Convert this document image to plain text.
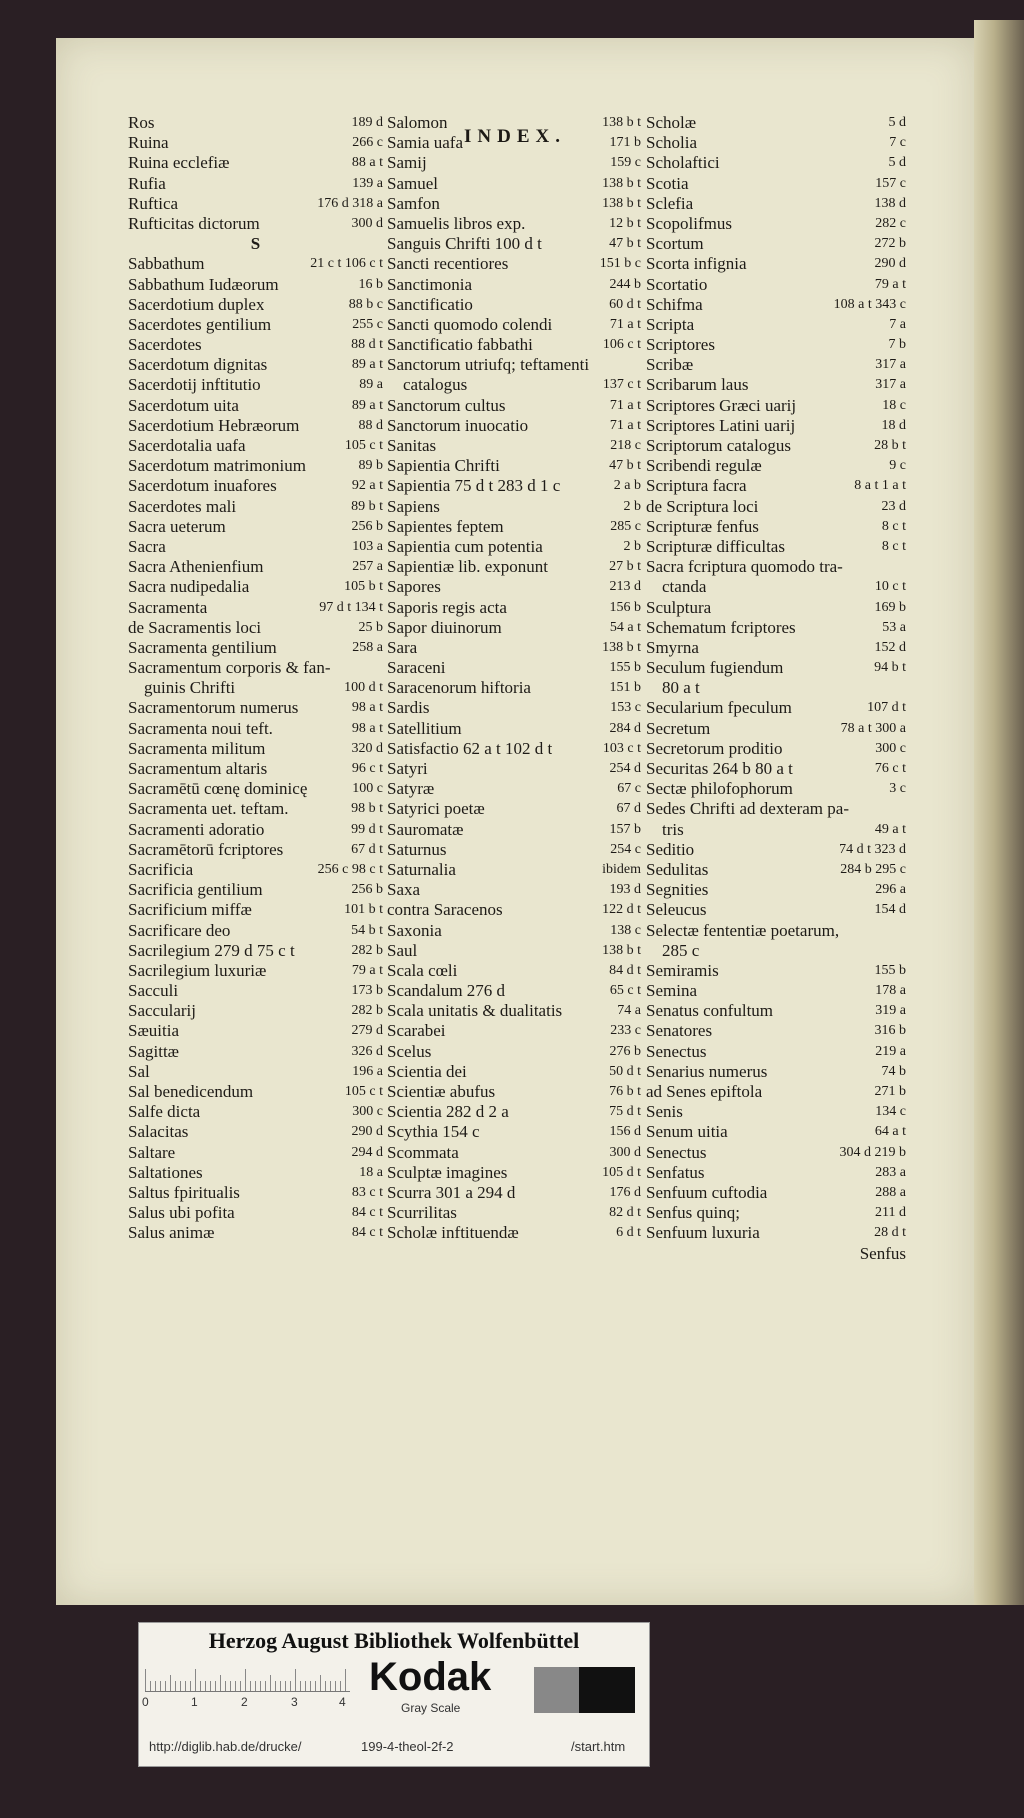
INDEX.
Ros	189 d
Ruina	266 c
Ruina ecclefiæ	88 a t
Rufia	139 a
Ruftica	176 d 318 a
Rufticitas dictorum	300 d
S
Sabbathum	21 c t 106 c t
Sabbathum Iudæorum	16 b
Sacerdotium duplex	88 b c
Sacerdotes gentilium	255 c
Sacerdotes	88 d t
Sacerdotum dignitas	89 a t
Sacerdotij inftitutio	89 a
Sacerdotum uita	89 a t
Sacerdotium Hebræorum	88 d
Sacerdotalia uafa	105 c t
Sacerdotum matrimonium	89 b
Sacerdotum inuafores	92 a t
Sacerdotes mali	89 b t
Sacra ueterum	256 b
Sacra	103 a
Sacra Athenienfium	257 a
Sacra nudipedalia	105 b t
Sacramenta	97 d t 134 t
de Sacramentis loci	25 b
Sacramenta gentilium	258 a
Sacramentum corporis & fan-
guinis Chrifti	100 d t
Sacramentorum numerus	98 a t
Sacramenta noui teft.	98 a t
Sacramenta militum	320 d
Sacramentum altaris	96 c t
Sacramētū cœnę dominicę	100 c
Sacramenta uet. teftam.	98 b t
Sacramenti adoratio	99 d t
Sacramētorū fcriptores	67 d t
Sacrificia	256 c 98 c t
Sacrificia gentilium	256 b
Sacrificium miffæ	101 b t
Sacrificare deo	54 b t
Sacrilegium 279 d 75 c t	282 b
Sacrilegium luxuriæ	79 a t
Sacculi	173 b
Saccularij	282 b
Sæuitia	279 d
Sagittæ	326 d
Sal	196 a
Sal benedicendum	105 c t
Salfe dicta	300 c
Salacitas	290 d
Saltare	294 d
Saltationes	18 a
Saltus fpiritualis	83 c t
Salus ubi pofita	84 c t
Salus animæ	84 c t
Salomon	138 b t
Samia uafa	171 b
Samij	159 c
Samuel	138 b t
Samfon	138 b t
Samuelis libros exp.	12 b t
Sanguis Chrifti 100 d t	47 b t
Sancti recentiores	151 b c
Sanctimonia	244 b
Sanctificatio	60 d t
Sancti quomodo colendi	71 a t
Sanctificatio fabbathi	106 c t
Sanctorum utriufq; teftamenti
catalogus	137 c t
Sanctorum cultus	71 a t
Sanctorum inuocatio	71 a t
Sanitas	218 c
Sapientia Chrifti	47 b t
Sapientia 75 d t 283 d 1 c	2 a b
Sapiens	2 b
Sapientes feptem	285 c
Sapientia cum potentia	2 b
Sapientiæ lib. exponunt	27 b t
Sapores	213 d
Saporis regis acta	156 b
Sapor diuinorum	54 a t
Sara	138 b t
Saraceni	155 b
Saracenorum hiftoria	151 b
Sardis	153 c
Satellitium	284 d
Satisfactio 62 a t 102 d t	103 c t
Satyri	254 d
Satyræ	67 c
Satyrici poetæ	67 d
Sauromatæ	157 b
Saturnus	254 c
Saturnalia	ibidem
Saxa	193 d
contra Saracenos	122 d t
Saxonia	138 c
Saul	138 b t
Scala cœli	84 d t
Scandalum 276 d	65 c t
Scala unitatis & dualitatis	74 a
Scarabei	233 c
Scelus	276 b
Scientia dei	50 d t
Scientiæ abufus	76 b t
Scientia 282 d 2 a	75 d t
Scythia 154 c	156 d
Scommata	300 d
Sculptæ imagines	105 d t
Scurra 301 a 294 d	176 d
Scurrilitas	82 d t
Scholæ inftituendæ	6 d t
Scholæ	5 d
Scholia	7 c
Scholaftici	5 d
Scotia	157 c
Sclefia	138 d
Scopolifmus	282 c
Scortum	272 b
Scorta infignia	290 d
Scortatio	79 a t
Schifma	108 a t 343 c
Scripta	7 a
Scriptores	7 b
Scribæ	317 a
Scribarum laus	317 a
Scriptores Græci uarij	18 c
Scriptores Latini uarij	18 d
Scriptorum catalogus	28 b t
Scribendi regulæ	9 c
Scriptura facra	8 a t 1 a t
de Scriptura loci	23 d
Scripturæ fenfus	8 c t
Scripturæ difficultas	8 c t
Sacra fcriptura quomodo tra-
ctanda	10 c t
Sculptura	169 b
Schematum fcriptores	53 a
Smyrna	152 d
Seculum fugiendum	94 b t
80 a t
Secularium fpeculum	107 d t
Secretum	78 a t 300 a
Secretorum proditio	300 c
Securitas 264 b 80 a t	76 c t
Sectæ philofophorum	3 c
Sedes Chrifti ad dexteram pa-
tris	49 a t
Seditio	74 d t 323 d
Sedulitas	284 b 295 c
Segnities	296 a
Seleucus	154 d
Selectæ fententiæ poetarum,
285 c
Semiramis	155 b
Semina	178 a
Senatus confultum	319 a
Senatores	316 b
Senectus	219 a
Senarius numerus	74 b
ad Senes epiftola	271 b
Senis	134 c
Senum uitia	64 a t
Senectus	304 d 219 b
Senfatus	283 a
Senfuum cuftodia	288 a
Senfus quinq;	211 d
Senfuum luxuria	28 d t
Senfus
Herzog August Bibliothek Wolfenbüttel
0	1	2	3	4
Kodak
Gray Scale
http://diglib.hab.de/drucke/	199-4-theol-2f-2	/start.htm
